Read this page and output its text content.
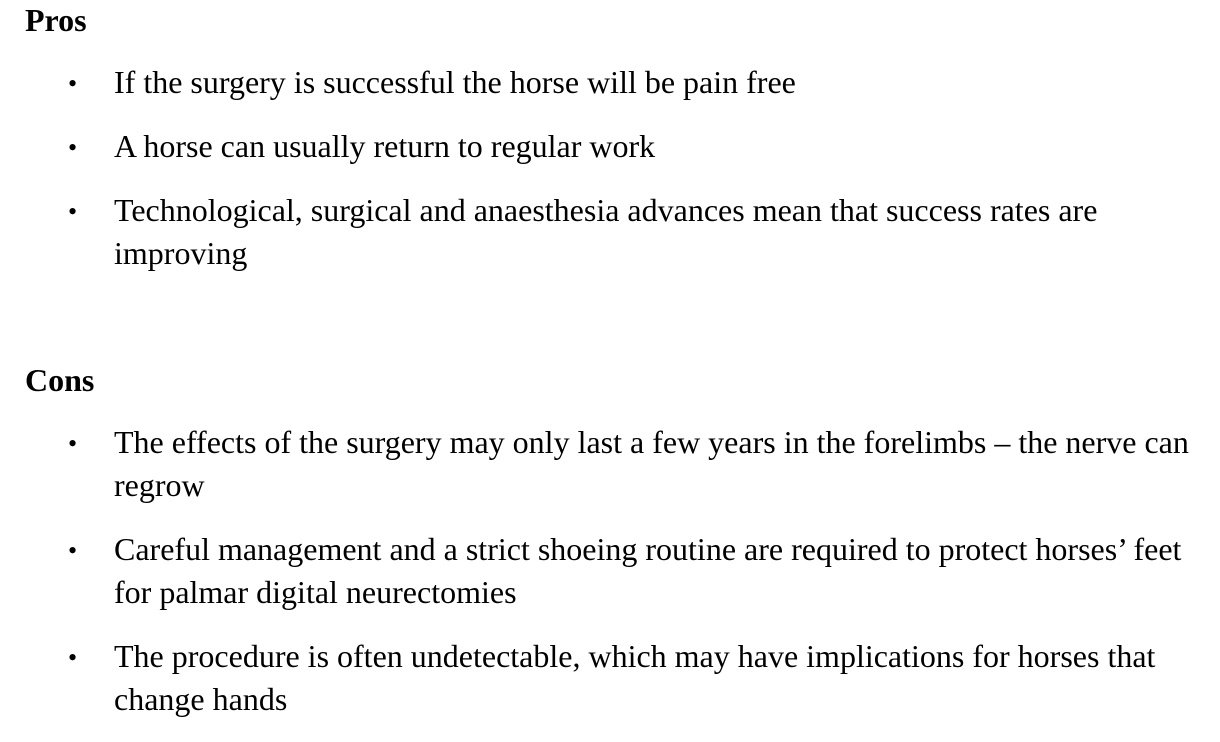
Pros
• If the surgery is successful the horse will be pain free
• A horse can usually return to regular work
• Technological, surgical and anaesthesia advances mean that success rates are improving
Cons
• The effects of the surgery may only last a few years in the forelimbs – the nerve can regrow
• Careful management and a strict shoeing routine are required to protect horses’ feet for palmar digital neurectomies
• The procedure is often undetectable, which may have implications for horses that change hands
